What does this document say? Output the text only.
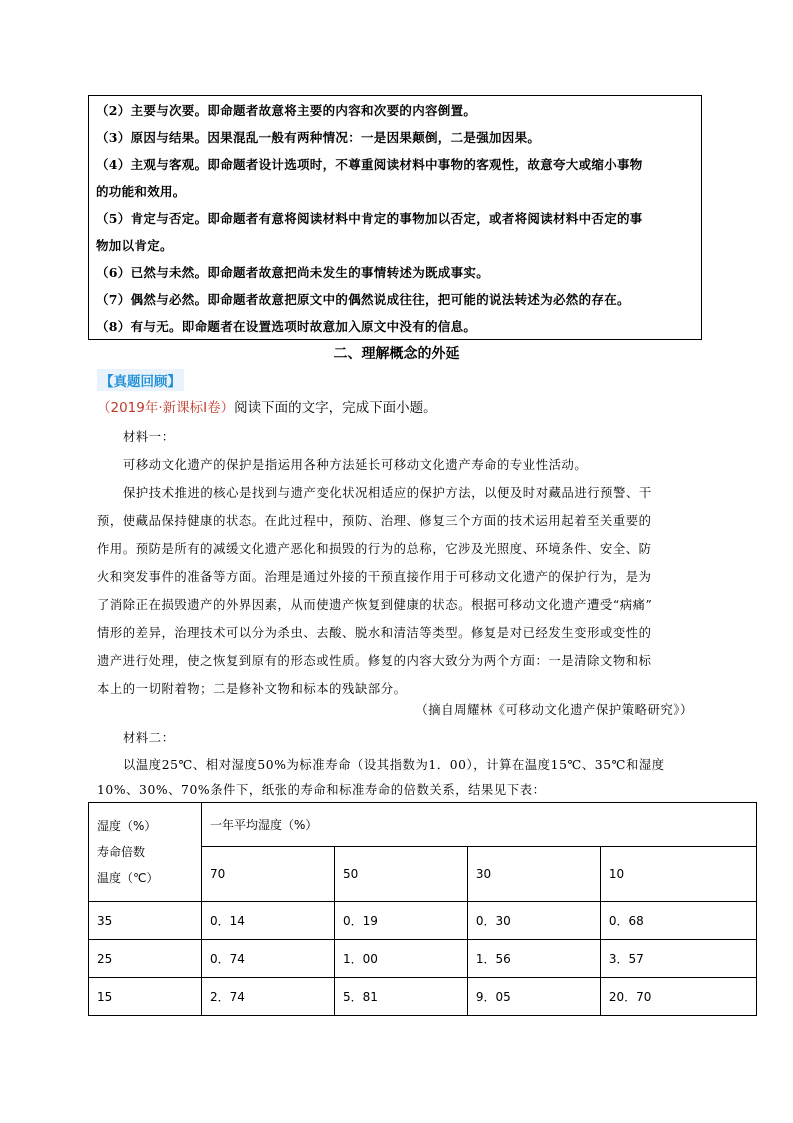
（2）主要与次要。即命题者故意将主要的内容和次要的内容倒置。
（3）原因与结果。因果混乱一般有两种情况：一是因果颠倒，二是强加因果。
（4）主观与客观。即命题者设计选项时，不尊重阅读材料中事物的客观性，故意夸大或缩小事物
的功能和效用。
（5）肯定与否定。即命题者有意将阅读材料中肯定的事物加以否定，或者将阅读材料中否定的事
物加以肯定。
（6）已然与未然。即命题者故意把尚未发生的事情转述为既成事实。
（7）偶然与必然。即命题者故意把原文中的偶然说成往往，把可能的说法转述为必然的存在。
（8）有与无。即命题者在设置选项时故意加入原文中没有的信息。
二、理解概念的外延
【真题回顾】
（2019年·新课标Ⅰ卷）阅读下面的文字，完成下面小题。
材料一：
可移动文化遗产的保护是指运用各种方法延长可移动文化遗产寿命的专业性活动。
保护技术推进的核心是找到与遗产变化状况相适应的保护方法，以便及时对藏品进行预警、干
预，使藏品保持健康的状态。在此过程中，预防、治理、修复三个方面的技术运用起着至关重要的
作用。预防是所有的减缓文化遗产恶化和损毁的行为的总称，它涉及光照度、环境条件、安全、防
火和突发事件的准备等方面。治理是通过外接的干预直接作用于可移动文化遗产的保护行为，是为
了消除正在损毁遗产的外界因素，从而使遗产恢复到健康的状态。根据可移动文化遗产遭受“病痛”
情形的差异，治理技术可以分为杀虫、去酸、脱水和清洁等类型。修复是对已经发生变形或变性的
遗产进行处理，使之恢复到原有的形态或性质。修复的内容大致分为两个方面：一是清除文物和标
本上的一切附着物；二是修补文物和标本的残缺部分。
（摘自周耀林《可移动文化遗产保护策略研究》）
材料二：
以温度25℃、相对湿度50%为标准寿命（设其指数为1．00），计算在温度15℃、35℃和湿度
10%、30%、70%条件下，纸张的寿命和标准寿命的倍数关系，结果见下表：
湿度（%）
寿命倍数
温度（℃）	一年平均湿度（%）			
	70	50	30	10
35	0．14	0．19	0．30	0．68
25	0．74	1．00	1．56	3．57
15	2．74	5．81	9．05	20．70
